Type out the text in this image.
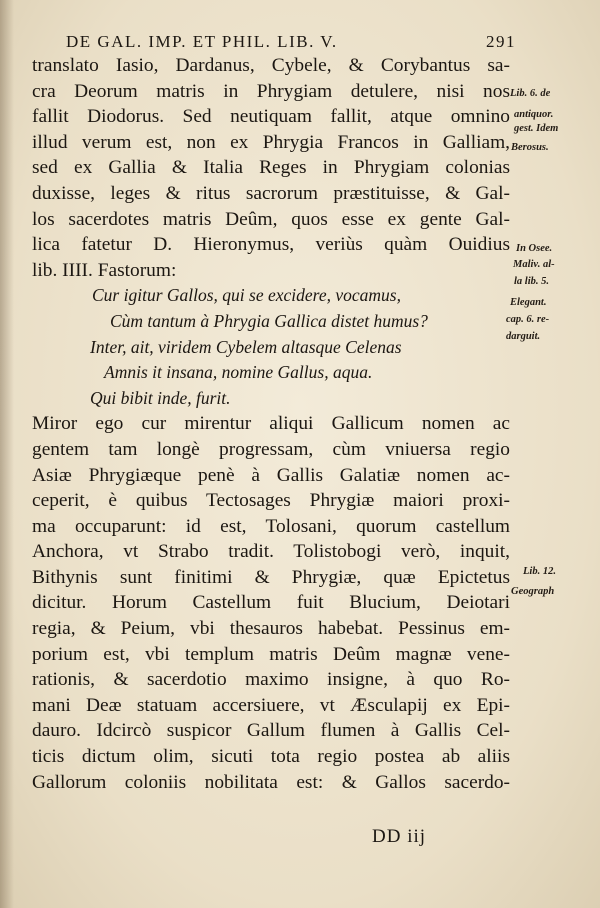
DE GAL. IMP. ET PHIL. LIB. V.	291
translato Iasio, Dardanus, Cybele, & Corybantus sa-
cra Deorum matris in Phrygiam detulere, nisi nos
fallit Diodorus. Sed neutiquam fallit, atque omnino
illud verum est, non ex Phrygia Francos in Galliam,
sed ex Gallia & Italia Reges in Phrygiam colonias
duxisse, leges & ritus sacrorum præstituisse, & Gal-
los sacerdotes matris Deûm, quos esse ex gente Gal-
lica fatetur D. Hieronymus, veriùs quàm Ouidius
lib. IIII. Fastorum:
Cur igitur Gallos, qui se excidere, vocamus,
Cùm tantum à Phrygia Gallica distet humus?
Inter, ait, viridem Cybelem altasque Celenas
Amnis it insana, nomine Gallus, aqua.
Qui bibit inde, furit.
Miror ego cur mirentur aliqui Gallicum nomen ac
gentem tam longè progressam, cùm vniuersa regio
Asiæ Phrygiæque penè à Gallis Galatiæ nomen ac-
ceperit, è quibus Tectosages Phrygiæ maiori proxi-
ma occuparunt: id est, Tolosani, quorum castellum
Anchora, vt Strabo tradit. Tolistobogi verò, inquit,
Bithynis sunt finitimi & Phrygiæ, quæ Epictetus
dicitur. Horum Castellum fuit Blucium, Deiotari
regia, & Peium, vbi thesauros habebat. Pessinus em-
porium est, vbi templum matris Deûm magnæ vene-
rationis, & sacerdotio maximo insigne, à quo Ro-
mani Deæ statuam accersiuere, vt Æsculapij ex Epi-
dauro. Idcircò suspicor Gallum flumen à Gallis Cel-
ticis dictum olim, sicuti tota regio postea ab aliis
Gallorum coloniis nobilitata est: & Gallos sacerdo-
Lib. 6. de
antiquor.
gest. Idem
Berosus.
In Osee.
Maliv. al-
la lib. 5.
Elegant.
cap. 6. re-
darguit.
Lib. 12.
Geograph
DD iij
